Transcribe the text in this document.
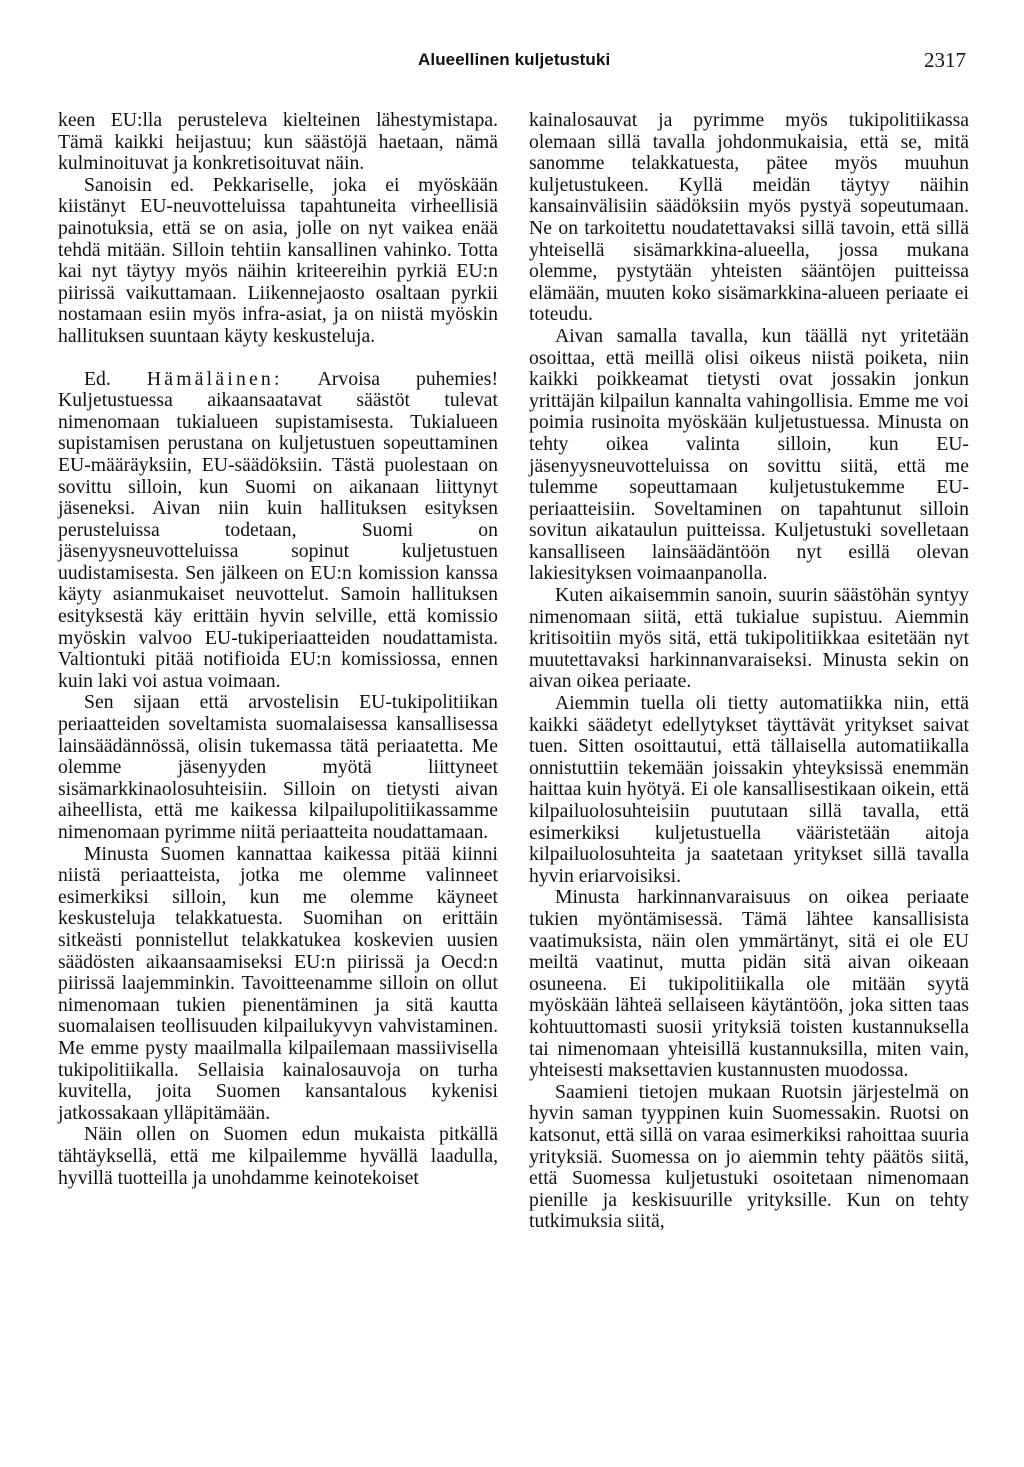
Alueellinen kuljetustuki	2317

keen EU:lla perusteleva kielteinen lähestymistapa. Tämä kaikki heijastuu; kun säästöjä haetaan, nämä kulminoituvat ja konkretisoituvat näin.

Sanoisin ed. Pekkariselle, joka ei myöskään kiistänyt EU-neuvotteluissa tapahtuneita virheellisiä painotuksia, että se on asia, jolle on nyt vaikea enää tehdä mitään. Silloin tehtiin kansallinen vahinko. Totta kai nyt täytyy myös näihin kriteereihin pyrkiä EU:n piirissä vaikuttamaan. Liikennejaosto osaltaan pyrkii nostamaan esiin myös infra-asiat, ja on niistä myöskin hallituksen suuntaan käyty keskusteluja.

Ed. Hämäläinen: Arvoisa puhemies! Kuljetustuessa aikaansaatavat säästöt tulevat nimenomaan tukialueen supistamisesta. Tukialueen supistamisen perustana on kuljetustuen sopeuttaminen EU-määräyksiin, EU-säädöksiin. Tästä puolestaan on sovittu silloin, kun Suomi on aikanaan liittynyt jäseneksi. Aivan niin kuin hallituksen esityksen perusteluissa todetaan, Suomi on jäsenyysneuvotteluissa sopinut kuljetustuen uudistamisesta. Sen jälkeen on EU:n komission kanssa käyty asianmukaiset neuvottelut. Samoin hallituksen esityksestä käy erittäin hyvin selville, että komissio myöskin valvoo EU-tukiperiaatteiden noudattamista. Valtiontuki pitää notifioida EU:n komissiossa, ennen kuin laki voi astua voimaan.

Sen sijaan että arvostelisin EU-tukipolitiikan periaatteiden soveltamista suomalaisessa kansallisessa lainsäädännössä, olisin tukemassa tätä periaatetta. Me olemme jäsenyyden myötä liittyneet sisämarkkinaolosuhteisiin. Silloin on tietysti aivan aiheellista, että me kaikessa kilpailupolitiikassamme nimenomaan pyrimme niitä periaatteita noudattamaan.

Minusta Suomen kannattaa kaikessa pitää kiinni niistä periaatteista, jotka me olemme valinneet esimerkiksi silloin, kun me olemme käyneet keskusteluja telakkatuesta. Suomihan on erittäin sitkeästi ponnistellut telakkatukea koskevien uusien säädösten aikaansaamiseksi EU:n piirissä ja Oecd:n piirissä laajemminkin. Tavoitteenamme silloin on ollut nimenomaan tukien pienentäminen ja sitä kautta suomalaisen teollisuuden kilpailukyvyn vahvistaminen. Me emme pysty maailmalla kilpailemaan massiivisella tukipolitiikalla. Sellaisia kainalosauvoja on turha kuvitella, joita Suomen kansantalous kykenisi jatkossakaan ylläpitämään.

Näin ollen on Suomen edun mukaista pitkällä tähtäyksellä, että me kilpailemme hyvällä laadulla, hyvillä tuotteilla ja unohdamme keinotekoiset

kainalosauvat ja pyrimme myös tukipolitiikassa olemaan sillä tavalla johdonmukaisia, että se, mitä sanomme telakkatuesta, pätee myös muuhun kuljetustukeen. Kyllä meidän täytyy näihin kansainvälisiin säädöksiin myös pystyä sopeutumaan. Ne on tarkoitettu noudatettavaksi sillä tavoin, että sillä yhteisellä sisämarkkina-alueella, jossa mukana olemme, pystytään yhteisten sääntöjen puitteissa elämään, muuten koko sisämarkkina-alueen periaate ei toteudu.

Aivan samalla tavalla, kun täällä nyt yritetään osoittaa, että meillä olisi oikeus niistä poiketa, niin kaikki poikkeamat tietysti ovat jossakin jonkun yrittäjän kilpailun kannalta vahingollisia. Emme me voi poimia rusinoita myöskään kuljetustuessa. Minusta on tehty oikea valinta silloin, kun EU-jäsenyysneuvotteluissa on sovittu siitä, että me tulemme sopeuttamaan kuljetustukemme EU-periaatteisiin. Soveltaminen on tapahtunut silloin sovitun aikataulun puitteissa. Kuljetustuki sovelletaan kansalliseen lainsäädäntöön nyt esillä olevan lakiesityksen voimaanpanolla.

Kuten aikaisemmin sanoin, suurin säästöhän syntyy nimenomaan siitä, että tukialue supistuu. Aiemmin kritisoitiin myös sitä, että tukipolitiikkaa esitetään nyt muutettavaksi harkinnanvaraiseksi. Minusta sekin on aivan oikea periaate.

Aiemmin tuella oli tietty automatiikka niin, että kaikki säädetyt edellytykset täyttävät yritykset saivat tuen. Sitten osoittautui, että tällaisella automatiikalla onnistuttiin tekemään joissakin yhteyksissä enemmän haittaa kuin hyötyä. Ei ole kansallisestikaan oikein, että kilpailuolosuhteisiin puututaan sillä tavalla, että esimerkiksi kuljetustuella vääristetään aitoja kilpailuolosuhteita ja saatetaan yritykset sillä tavalla hyvin eriarvoisiksi.

Minusta harkinnanvaraisuus on oikea periaate tukien myöntämisessä. Tämä lähtee kansallisista vaatimuksista, näin olen ymmärtänyt, sitä ei ole EU meiltä vaatinut, mutta pidän sitä aivan oikeaan osuneena. Ei tukipolitiikalla ole mitään syytä myöskään lähteä sellaiseen käytäntöön, joka sitten taas kohtuuttomasti suosii yrityksiä toisten kustannuksella tai nimenomaan yhteisillä kustannuksilla, miten vain, yhteisesti maksettavien kustannusten muodossa.

Saamieni tietojen mukaan Ruotsin järjestelmä on hyvin saman tyyppinen kuin Suomessakin. Ruotsi on katsonut, että sillä on varaa esimerkiksi rahoittaa suuria yrityksiä. Suomessa on jo aiemmin tehty päätös siitä, että Suomessa kuljetustuki osoitetaan nimenomaan pienille ja keskisuurille yrityksille. Kun on tehty tutkimuksia siitä,
